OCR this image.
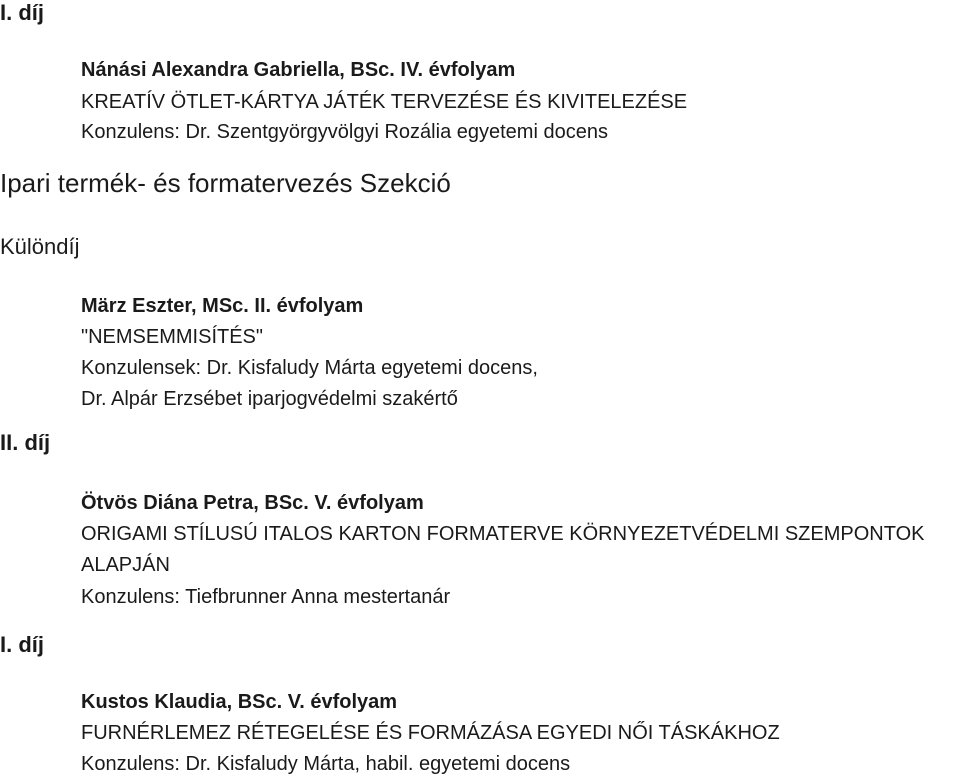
I. díj
Nánási Alexandra Gabriella, BSc. IV. évfolyam
KREATÍV ÖTLET-KÁRTYA JÁTÉK TERVEZÉSE ÉS KIVITELEZÉSE
Konzulens: Dr. Szentgyörgyvölgyi Rozália egyetemi docens
Ipari termék- és formatervezés Szekció
Különdíj
März Eszter, MSc. II. évfolyam
"NEMSEMMISÍTÉS"
Konzulensek: Dr. Kisfaludy Márta egyetemi docens,
Dr. Alpár Erzsébet iparjogvédelmi szakértő
II. díj
Ötvös Diána Petra, BSc. V. évfolyam
ORIGAMI STÍLUSÚ ITALOS KARTON FORMATERVE KÖRNYEZETVÉDELMI SZEMPONTOK
ALAPJÁN
Konzulens: Tiefbrunner Anna mestertanár
I. díj
Kustos Klaudia, BSc. V. évfolyam
FURNÉRLEMEZ RÉTEGELÉSE ÉS FORMÁZÁSA EGYEDI NŐI TÁSKÁKHOZ
Konzulens: Dr. Kisfaludy Márta, habil. egyetemi docens
